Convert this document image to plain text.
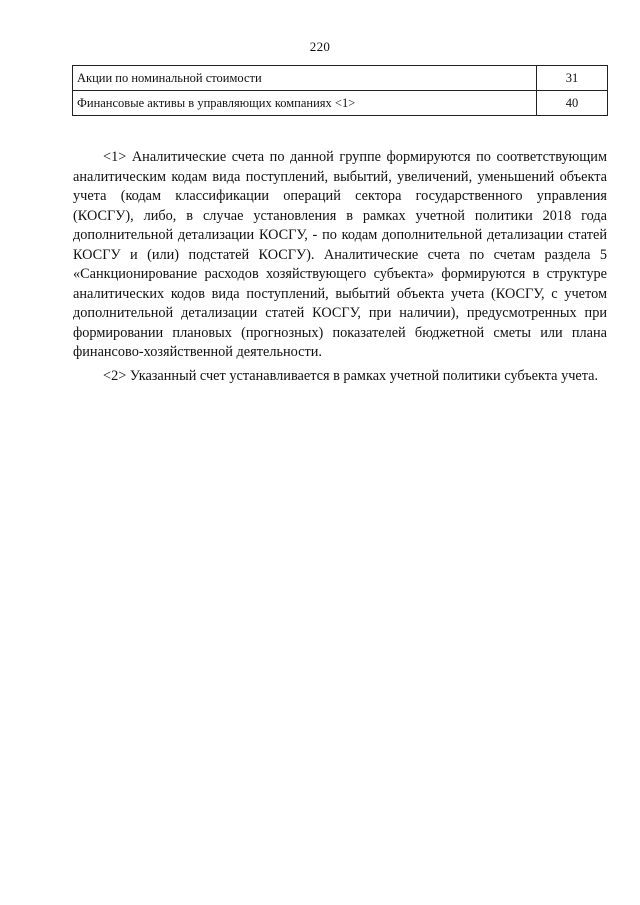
220
Акции по номинальной стоимости	31
Финансовые активы в управляющих компаниях <1>	40

<1> Аналитические счета по данной группе формируются по соответствующим аналитическим кодам вида поступлений, выбытий, увеличений, уменьшений объекта учета (кодам классификации операций сектора государственного управления (КОСГУ), либо, в случае установления в рамках учетной политики 2018 года дополнительной детализации КОСГУ, - по кодам дополнительной детализации статей КОСГУ и (или) подстатей КОСГУ). Аналитические счета по счетам раздела 5 «Санкционирование расходов хозяйствующего субъекта» формируются в структуре аналитических кодов вида поступлений, выбытий объекта учета (КОСГУ, с учетом дополнительной детализации статей КОСГУ, при наличии), предусмотренных при формировании плановых (прогнозных) показателей бюджетной сметы или плана финансово-хозяйственной деятельности.

<2> Указанный счет устанавливается в рамках учетной политики субъекта учета.
